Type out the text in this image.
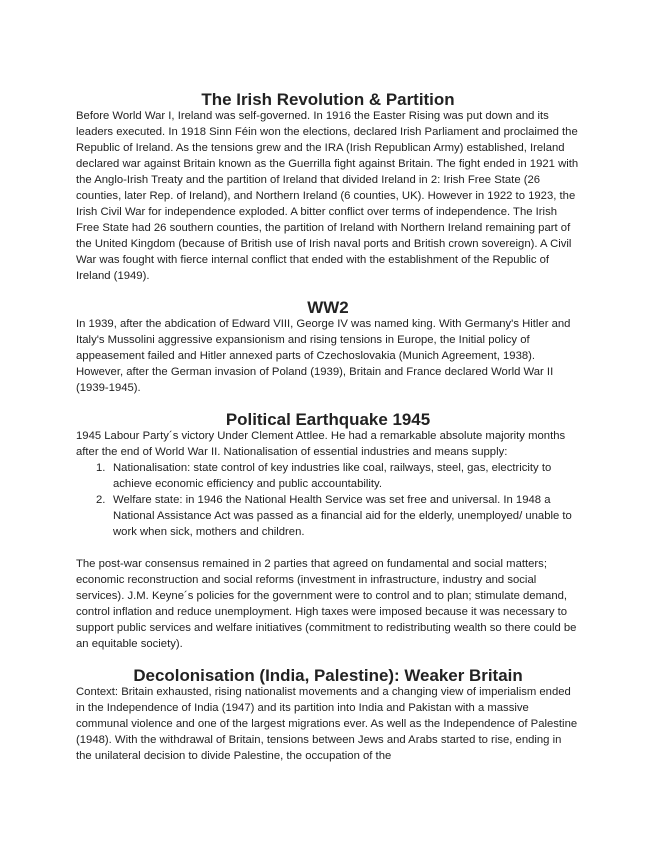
The Irish Revolution & Partition

Before World War I, Ireland was self-governed. In 1916 the Easter Rising was put down and its leaders executed. In 1918 Sinn Féin won the elections, declared Irish Parliament and proclaimed the Republic of Ireland. As the tensions grew and the IRA (Irish Republican Army) established, Ireland declared war against Britain known as the Guerrilla fight against Britain. The fight ended in 1921 with the Anglo-Irish Treaty and the partition of Ireland that divided Ireland in 2: Irish Free State (26 counties, later Rep. of Ireland), and Northern Ireland (6 counties, UK). However in 1922 to 1923, the Irish Civil War for independence exploded. A bitter conflict over terms of independence. The Irish Free State had 26 southern counties, the partition of Ireland with Northern Ireland remaining part of the United Kingdom (because of British use of Irish naval ports and British crown sovereign). A Civil War was fought with fierce internal conflict that ended with the establishment of the Republic of Ireland (1949).

WW2

In 1939, after the abdication of Edward VIII, George IV was named king. With Germany's Hitler and Italy's Mussolini aggressive expansionism and rising tensions in Europe, the Initial policy of appeasement failed and Hitler annexed parts of Czechoslovakia (Munich Agreement, 1938). However, after the German invasion of Poland (1939), Britain and France declared World War II (1939-1945).

Political Earthquake 1945

1945 Labour Party´s victory Under Clement Attlee. He had a remarkable absolute majority months after the end of World War II. Nationalisation of essential industries and means supply:

1. Nationalisation: state control of key industries like coal, railways, steel, gas, electricity to achieve economic efficiency and public accountability.
2. Welfare state: in 1946 the National Health Service was set free and universal. In 1948 a National Assistance Act was passed as a financial aid for the elderly, unemployed/ unable to work when sick, mothers and children.

The post-war consensus remained in 2 parties that agreed on fundamental and social matters; economic reconstruction and social reforms (investment in infrastructure, industry and social services). J.M. Keyne´s policies for the government were to control and to plan; stimulate demand, control inflation and reduce unemployment. High taxes were imposed because it was necessary to support public services and welfare initiatives (commitment to redistributing wealth so there could be an equitable society).

Decolonisation (India, Palestine): Weaker Britain

Context: Britain exhausted, rising nationalist movements and a changing view of imperialism ended in the Independence of India (1947) and its partition into India and Pakistan with a massive communal violence and one of the largest migrations ever. As well as the Independence of Palestine (1948). With the withdrawal of Britain, tensions between Jews and Arabs started to rise, ending in the unilateral decision to divide Palestine, the occupation of the
